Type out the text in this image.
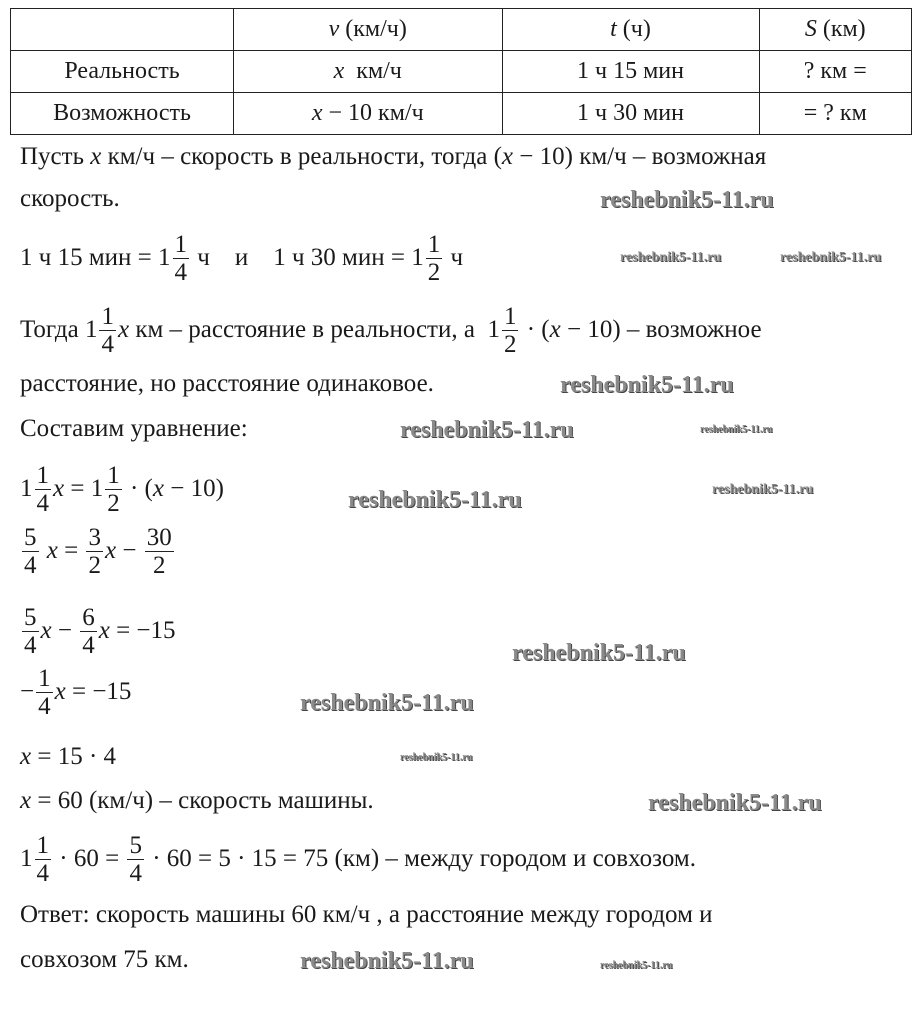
	v (км/ч)	t (ч)	S (км)
Реальность	x  км/ч	1 ч 15 мин	? км =
Возможность	x − 10 км/ч	1 ч 30 мин	= ? км
Пусть x км/ч – скорость в реальности, тогда ( x − 10) км/ч – возможная
скорость.
1 ч 15 мин = $1 \frac{1}{4}$ ч    и    1 ч 30 мин = $1 \frac{1}{2}$ ч
Тогда $1 \frac{1}{4}$ x км – расстояние в реальности, а  $1 \frac{1}{2}$ · ( x − 10) – возможное
расстояние, но расстояние одинаковое.
Составим уравнение:
$1 \frac{1}{4}$ $x = 1 \frac{1}{2}$ · ( x − 10)
$\frac{5}{4}$
$x = \frac{3}{2}$ $x - \frac{30}{2}$
$\frac{5}{4}$ $x - \frac{6}{4}$ x = −15
− $\frac{1}{4}$ x = −15
x = 15 · 4
x = 60 (км/ч) – скорость машины.
$1 \frac{1}{4} \cdot 60 = \frac{5}{4} \cdot 60 = 5 \cdot 15 = 75$ (км) – между городом и совхозом.
Ответ: скорость машины 60 км/ч , а расстояние между городом и
совхозом 75 км.
reshebnik5-11.ru
reshebnik5-11.ru	reshebnik5-11.ru
reshebnik5-11.ru
reshebnik5-11.ru	reshebnik5-11.ru
reshebnik5-11.ru
reshebnik5-11.ru
reshebnik5-11.ru
reshebnik5-11.ru
reshebnik5-11.ru
reshebnik5-11.ru
reshebnik5-11.ru	reshebnik5-11.ru
